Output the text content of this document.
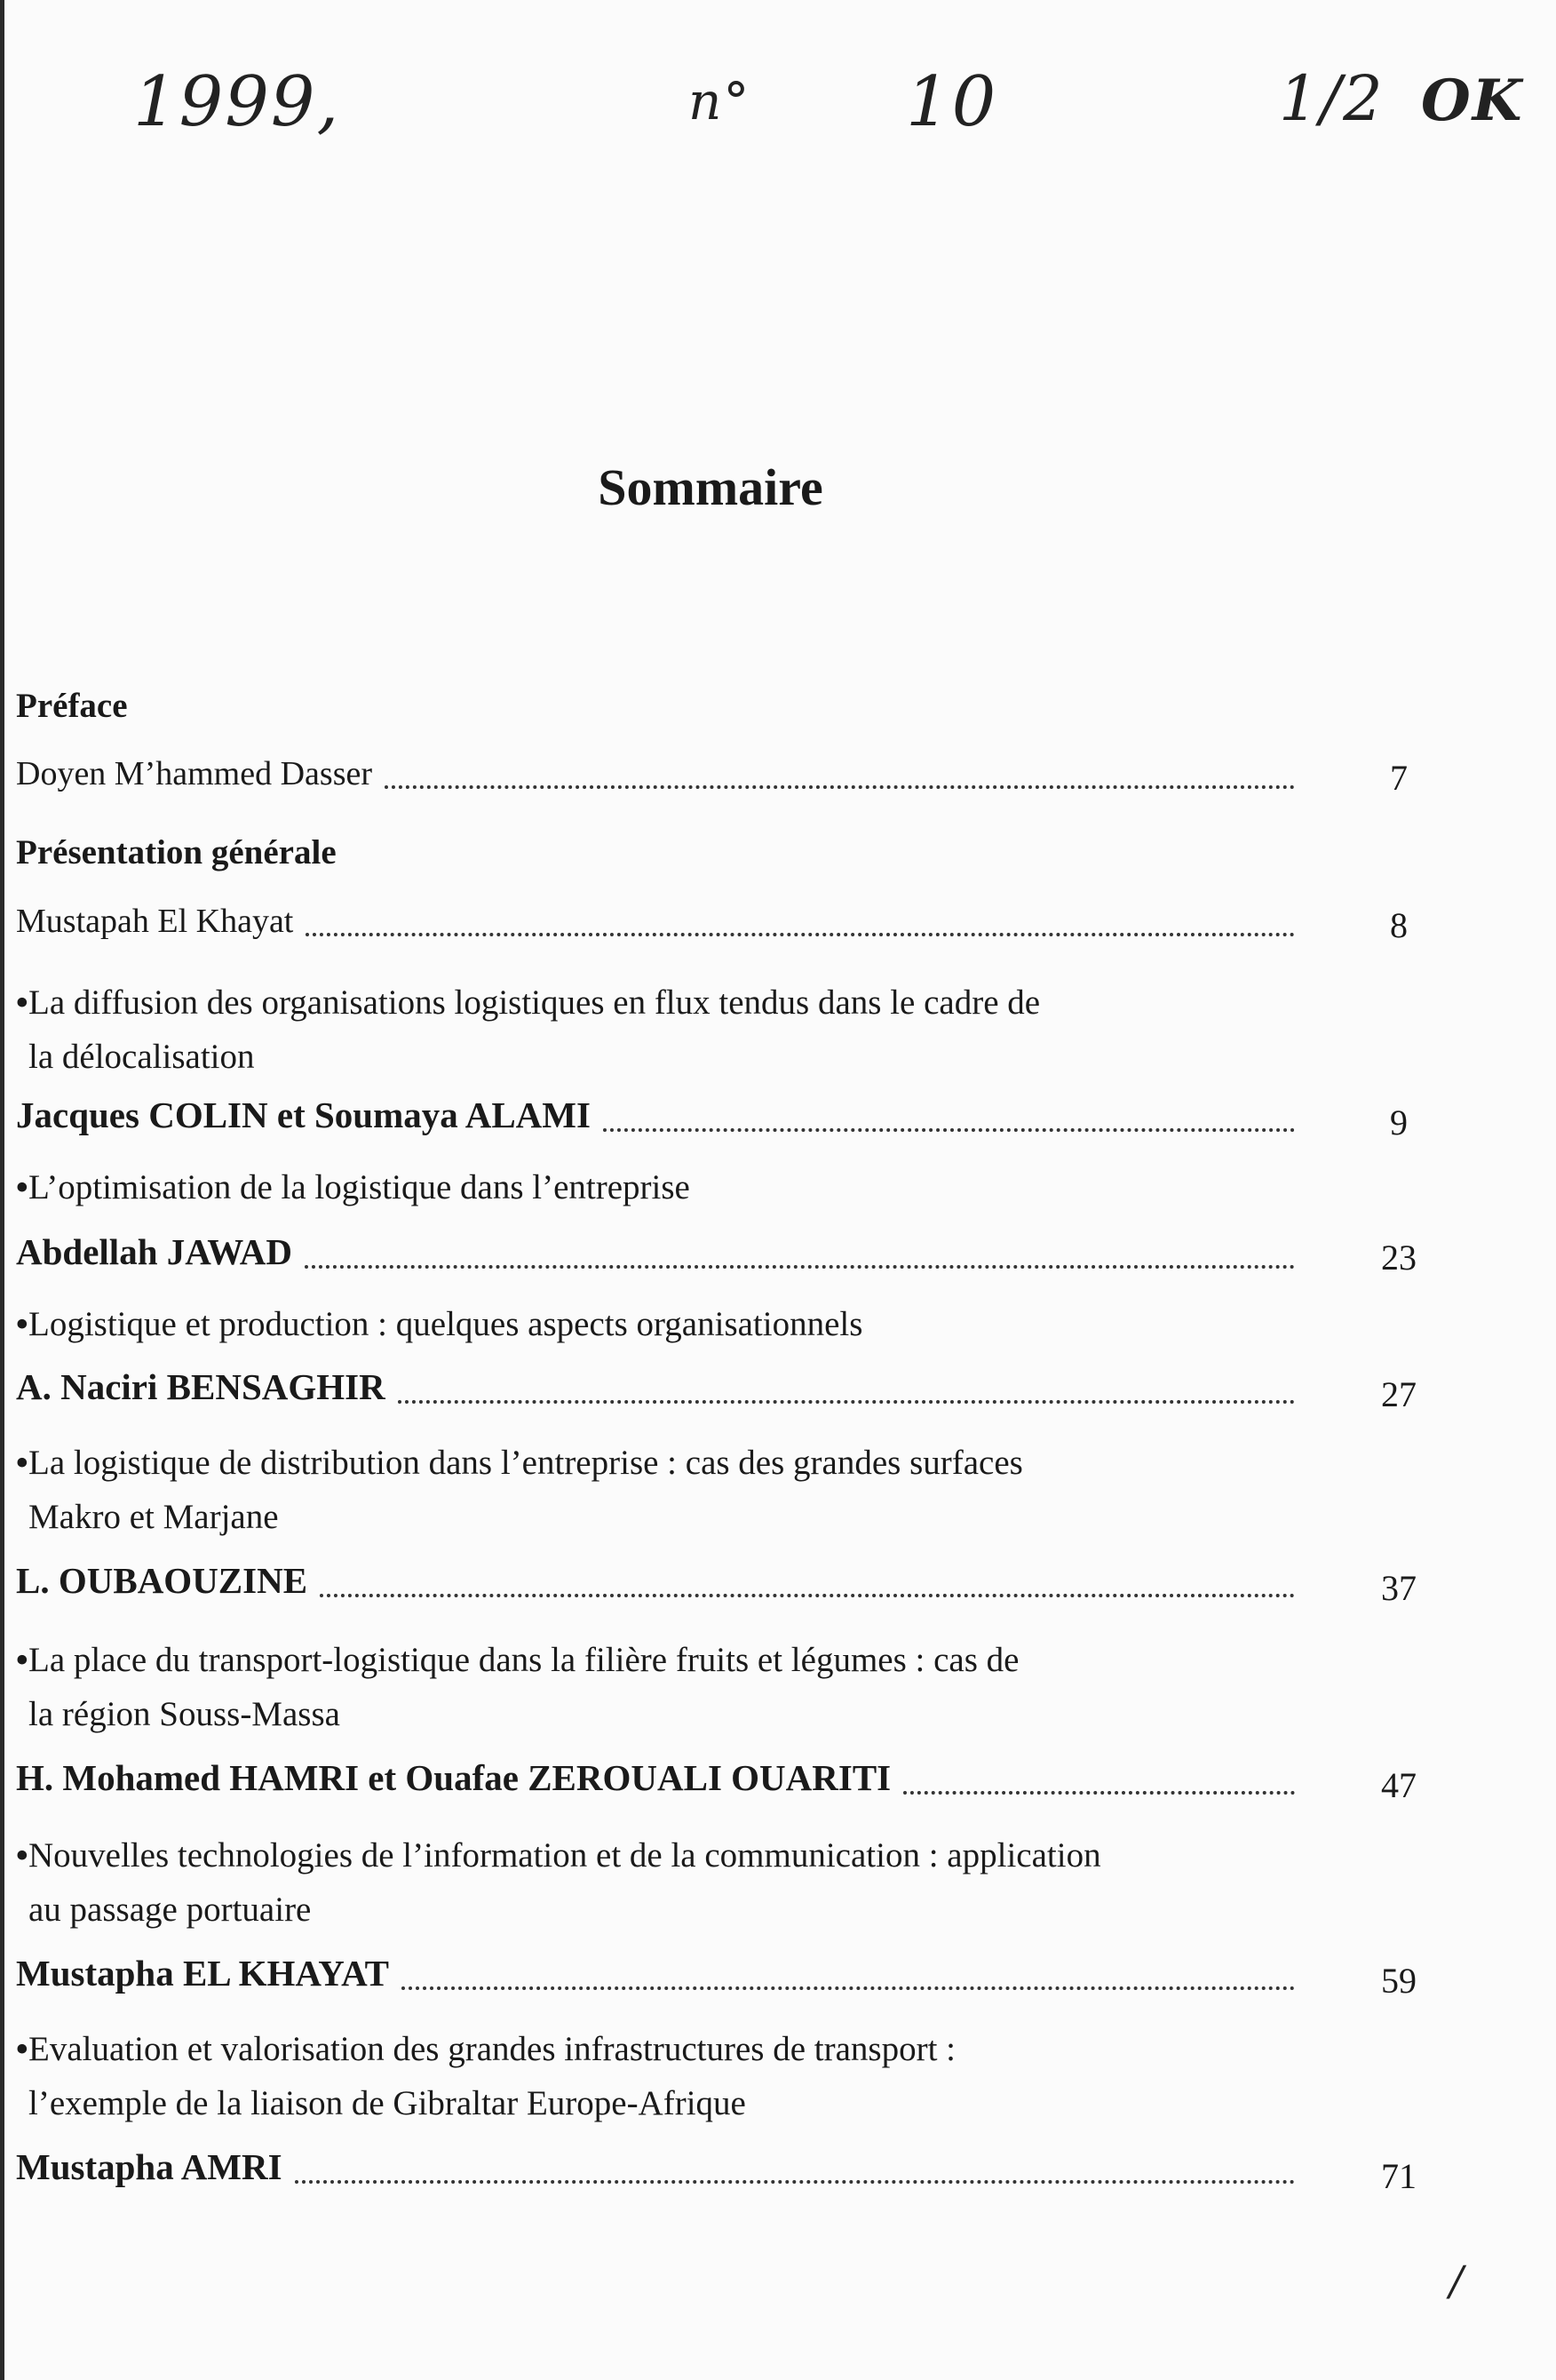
1999,	n° 10	1/2 OK
/
Sommaire
Préface
Doyen M’hammed Dasser	7
Présentation générale
Mustapah El Khayat	8
•La diffusion des organisations logistiques en flux tendus dans le cadre de
la délocalisation
Jacques COLIN et Soumaya ALAMI	9
•L’optimisation de la logistique dans l’entreprise
Abdellah JAWAD	23
•Logistique et production : quelques aspects organisationnels
A. Naciri BENSAGHIR	27
•La logistique de distribution dans l’entreprise : cas des grandes surfaces
Makro et Marjane
L. OUBAOUZINE	37
•La place du transport-logistique dans la filière fruits et légumes : cas de
la région Souss-Massa
H. Mohamed HAMRI et Ouafae ZEROUALI OUARITI	47
•Nouvelles technologies de l’information et de la communication : application
au passage portuaire
Mustapha EL KHAYAT	59
•Evaluation et valorisation des grandes infrastructures de transport :
l’exemple de la liaison de Gibraltar Europe-Afrique
Mustapha AMRI	71
